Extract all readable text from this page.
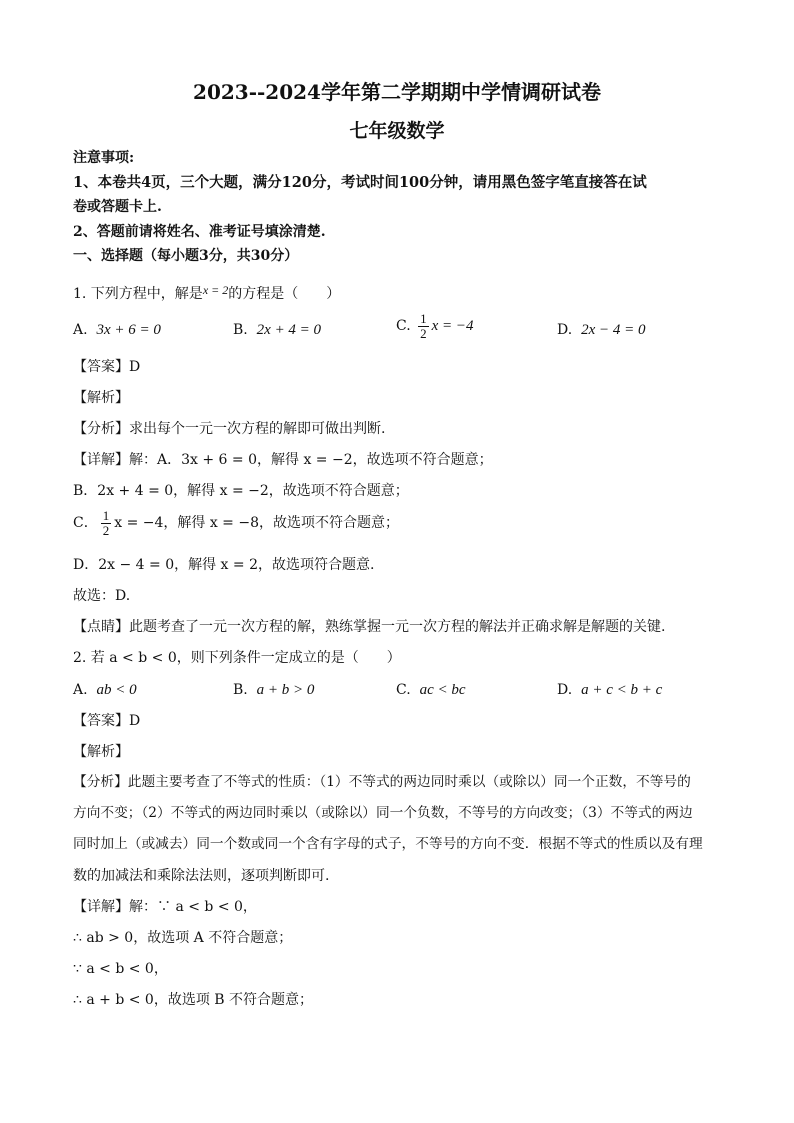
2023--2024学年第二学期期中学情调研试卷
七年级数学
注意事项:
1、本卷共4页，三个大题，满分120分，考试时间100分钟，请用黑色签字笔直接答在试
卷或答题卡上.
2、答题前请将姓名、准考证号填涂清楚.
一、选择题（每小题3分，共30分）
1. 下列方程中，解是x = 2的方程是（　　）
A. 3x + 6 = 0	B. 2x + 4 = 0	C. $\frac{1}{2}$ x = −4	D. 2x − 4 = 0
【答案】D
【解析】
【分析】求出每个一元一次方程的解即可做出判断.
【详解】解：A．3x + 6 = 0，解得 x = −2，故选项不符合题意；
B．2x + 4 = 0，解得 x = −2，故选项不符合题意；
C． $\frac{1}{2}$ x = −4，解得 x = −8，故选项不符合题意；
D．2x − 4 = 0，解得 x = 2，故选项符合题意.
故选：D.
【点睛】此题考查了一元一次方程的解，熟练掌握一元一次方程的解法并正确求解是解题的关键.
2. 若 a < b < 0，则下列条件一定成立的是（　　）
A. ab < 0	B. a + b > 0	C. ac < bc	D. a + c < b + c
【答案】D
【解析】
【分析】此题主要考查了不等式的性质：（1）不等式的两边同时乘以（或除以）同一个正数，不等号的
方向不变；（2）不等式的两边同时乘以（或除以）同一个负数，不等号的方向改变；（3）不等式的两边
同时加上（或减去）同一个数或同一个含有字母的式子，不等号的方向不变．根据不等式的性质以及有理
数的加减法和乘除法法则，逐项判断即可.
【详解】解：∵ a < b < 0，
∴ ab > 0，故选项 A 不符合题意；
∵ a < b < 0，
∴ a + b < 0，故选项 B 不符合题意；
